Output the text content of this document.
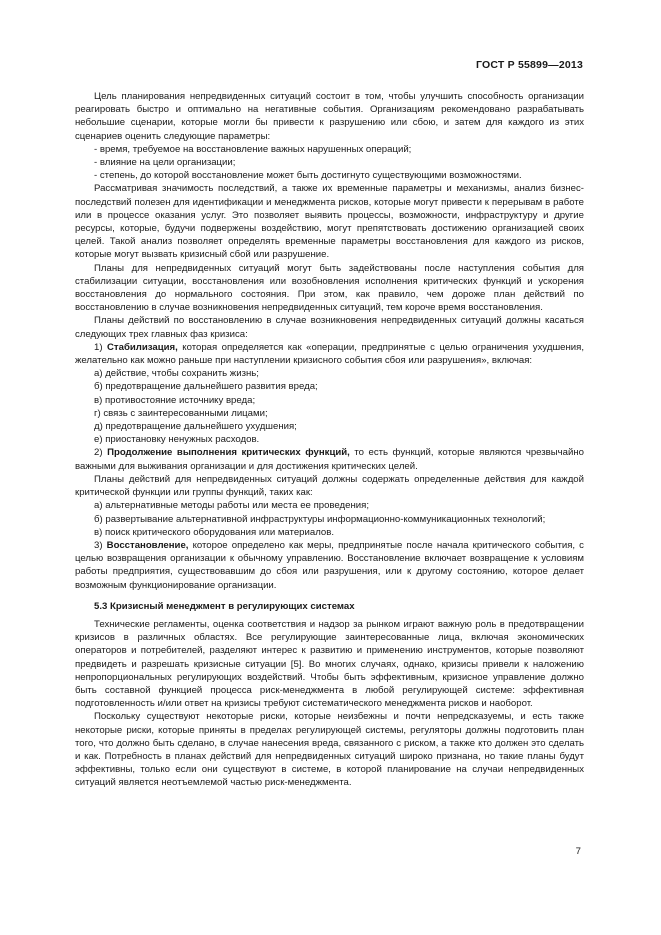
ГОСТ Р 55899—2013

Цель планирования непредвиденных ситуаций состоит в том, чтобы улучшить способность организации реагировать быстро и оптимально на негативные события. Организациям рекомендовано разрабатывать небольшие сценарии, которые могли бы привести к разрушению или сбою, и затем для каждого из этих сценариев оценить следующие параметры:

- время, требуемое на восстановление важных нарушенных операций;

- влияние на цели организации;

- степень, до которой восстановление может быть достигнуто существующими возможностями.

Рассматривая значимость последствий, а также их временные параметры и механизмы, анализ бизнес-последствий полезен для идентификации и менеджмента рисков, которые могут привести к перерывам в работе или в процессе оказания услуг. Это позволяет выявить процессы, возможности, инфраструктуру и другие ресурсы, которые, будучи подвержены воздействию, могут препятствовать достижению организацией своих целей. Такой анализ позволяет определять временные параметры восстановления для каждого из рисков, которые могут вызвать кризисный сбой или разрушение.

Планы для непредвиденных ситуаций могут быть задействованы после наступления события для стабилизации ситуации, восстановления или возобновления исполнения критических функций и ускорения восстановления до нормального состояния. При этом, как правило, чем дороже план действий по восстановлению в случае возникновения непредвиденных ситуаций, тем короче время восстановления.

Планы действий по восстановлению в случае возникновения непредвиденных ситуаций должны касаться следующих трех главных фаз кризиса:

1) Стабилизация, которая определяется как «операции, предпринятые с целью ограничения ухудшения, желательно как можно раньше при наступлении кризисного события сбоя или разрушения», включая:

а) действие, чтобы сохранить жизнь;

б) предотвращение дальнейшего развития вреда;

в) противостояние источнику вреда;

г) связь с заинтересованными лицами;

д) предотвращение дальнейшего ухудшения;

е) приостановку ненужных расходов.

2) Продолжение выполнения критических функций, то есть функций, которые являются чрезвычайно важными для выживания организации и для достижения критических целей.

Планы действий для непредвиденных ситуаций должны содержать определенные действия для каждой критической функции или группы функций, таких как:

а) альтернативные методы работы или места ее проведения;

б) развертывание альтернативной инфраструктуры информационно-коммуникационных технологий;

в) поиск критического оборудования или материалов.

3) Восстановление, которое определено как меры, предпринятые после начала критического события, с целью возвращения организации к обычному управлению. Восстановление включает возвращение к условиям работы предприятия, существовавшим до сбоя или разрушения, или к другому состоянию, которое делает возможным функционирование организации.

5.3 Кризисный менеджмент в регулирующих системах

Технические регламенты, оценка соответствия и надзор за рынком играют важную роль в предотвращении кризисов в различных областях. Все регулирующие заинтересованные лица, включая экономических операторов и потребителей, разделяют интерес к развитию и применению инструментов, которые позволяют предвидеть и разрешать кризисные ситуации [5]. Во многих случаях, однако, кризисы привели к наложению непропорциональных регулирующих воздействий. Чтобы быть эффективным, кризисное управление должно быть составной функцией процесса риск-менеджмента в любой регулирующей системе: эффективная подготовленность и/или ответ на кризисы требуют систематического менеджмента рисков и наоборот.

Поскольку существуют некоторые риски, которые неизбежны и почти непредсказуемы, и есть также некоторые риски, которые приняты в пределах регулирующей системы, регуляторы должны подготовить план того, что должно быть сделано, в случае нанесения вреда, связанного с риском, а также кто должен это сделать и как. Потребность в планах действий для непредвиденных ситуаций широко признана, но такие планы будут эффективны, только если они существуют в системе, в которой планирование на случаи непредвиденных ситуаций является неотъемлемой частью риск-менеджмента.

7
